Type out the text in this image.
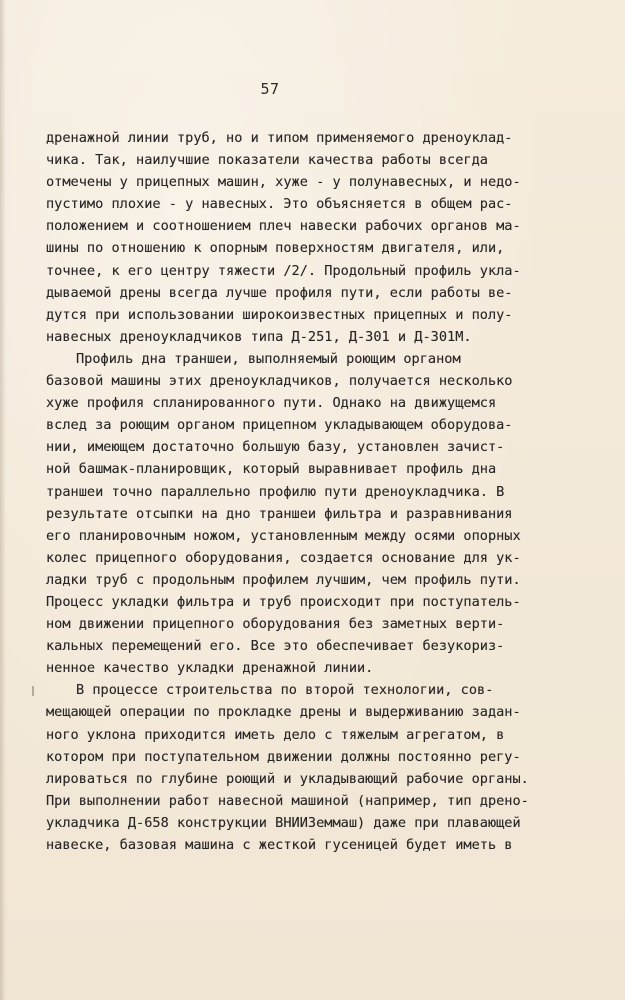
57
дренажной линии труб, но и типом применяемого дреноуклад-
чика. Так, наилучшие показатели качества работы всегда
отмечены у прицепных машин, хуже - у полунавесных, и недо-
пустимо плохие - у навесных. Это объясняется в общем рас-
положением и соотношением плеч навески рабочих органов ма-
шины по отношению к опорным поверхностям двигателя, или,
точнее, к его центру тяжести /2/. Продольный профиль укла-
дываемой дрены всегда лучше профиля пути, если работы ве-
дутся при использовании широкоизвестных прицепных и полу-
навесных дреноукладчиков типа Д-251, Д-301 и Д-301М.
Профиль дна траншеи, выполняемый роющим органом
базовой машины этих дреноукладчиков, получается несколько
хуже профиля спланированного пути. Однако на движущемся
вслед за роющим органом прицепном укладывающем оборудова-
нии, имеющем достаточно большую базу, установлен зачист-
ной башмак-планировщик, который выравнивает профиль дна
траншеи точно параллельно профилю пути дреноукладчика. В
результате отсыпки на дно траншеи фильтра и разравнивания
его планировочным ножом, установленным между осями опорных
колес прицепного оборудования, создается основание для ук-
ладки труб с продольным профилем лучшим, чем профиль пути.
Процесс укладки фильтра и труб происходит при поступатель-
ном движении прицепного оборудования без заметных верти-
кальных перемещений его. Все это обеспечивает безукориз-
ненное качество укладки дренажной линии.
В процессе строительства по второй технологии, сов-
мещающей операции по прокладке дрены и выдерживанию задан-
ного уклона приходится иметь дело с тяжелым агрегатом, в
котором при поступательном движении должны постоянно регу-
лироваться по глубине роющий и укладывающий рабочие органы.
При выполнении работ навесной машиной (например, тип дрено-
укладчика Д-658 конструкции ВНИИЗеммаш) даже при плавающей
навеске, базовая машина с жесткой гусеницей будет иметь в
